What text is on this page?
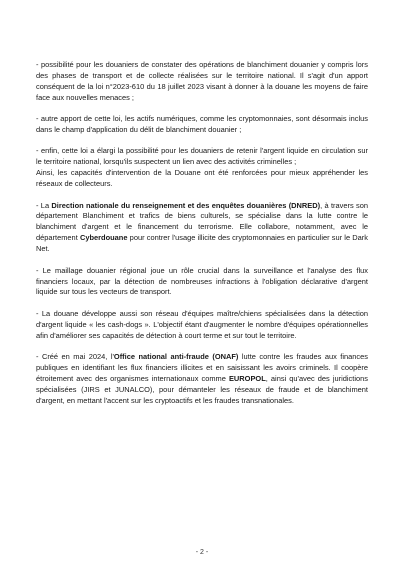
- possibilité pour les douaniers de constater des opérations de blanchiment douanier y compris lors des phases de transport et de collecte réalisées sur le territoire national. Il s'agit d'un apport conséquent de la loi n°2023-610 du 18 juillet 2023 visant à donner à la douane les moyens de faire face aux nouvelles menaces ;

- autre apport de cette loi, les actifs numériques, comme les cryptomonnaies, sont désormais inclus dans le champ d'application du délit de blanchiment douanier ;

- enfin, cette loi a élargi la possibilité pour les douaniers de retenir l'argent liquide en circulation sur le territoire national, lorsqu'ils suspectent un lien avec des activités criminelles ;
Ainsi, les capacités d'intervention de la Douane ont été renforcées pour mieux appréhender les réseaux de collecteurs.

- La Direction nationale du renseignement et des enquêtes douanières (DNRED), à travers son département Blanchiment et trafics de biens culturels, se spécialise dans la lutte contre le blanchiment d'argent et le financement du terrorisme. Elle collabore, notamment, avec le département Cyberdouane pour contrer l'usage illicite des cryptomonnaies en particulier sur le Dark Net.

- Le maillage douanier régional joue un rôle crucial dans la surveillance et l'analyse des flux financiers locaux, par la détection de nombreuses infractions à l'obligation déclarative d'argent liquide sur tous les vecteurs de transport.

- La douane développe aussi son réseau d'équipes maître/chiens spécialisées dans la détection d'argent liquide « les cash-dogs ». L'objectif étant d'augmenter le nombre d'équipes opérationnelles afin d'améliorer ses capacités de détection à court terme et sur tout le territoire.

- Créé en mai 2024, l'Office national anti-fraude (ONAF) lutte contre les fraudes aux finances publiques en identifiant les flux financiers illicites et en saisissant les avoirs criminels. Il coopère étroitement avec des organismes internationaux comme EUROPOL, ainsi qu'avec des juridictions spécialisées (JIRS et JUNALCO), pour démanteler les réseaux de fraude et de blanchiment d'argent, en mettant l'accent sur les cryptoactifs et les fraudes transnationales.

- 2 -
